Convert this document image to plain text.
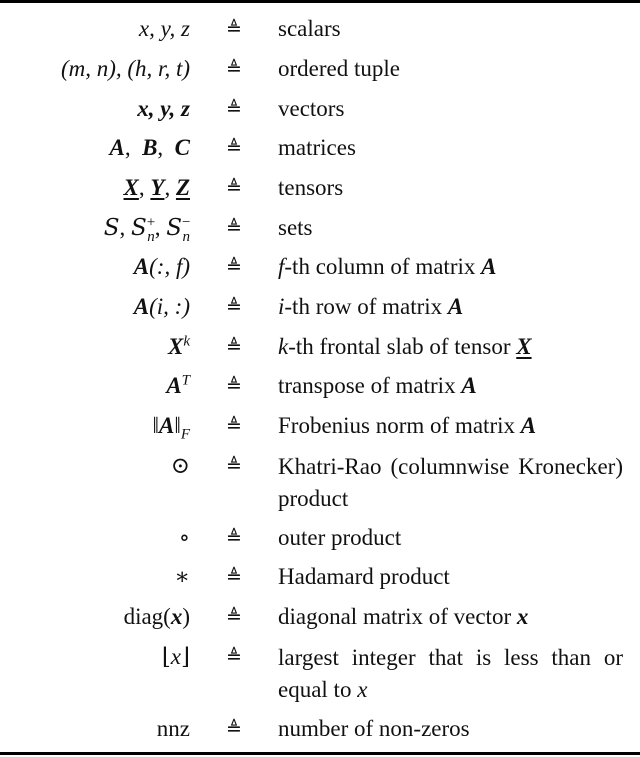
x, y, z ≜ scalars
(m, n), (h, r, t) ≜ ordered tuple
x, y, z ≜ vectors
A,  B,  C ≜ matrices
X, Y, Z ≜ tensors
S, $S^+_n$, $S^-_n$ ≜ sets
A(:, f) ≜ f-th column of matrix A
A(i, :) ≜ i-th row of matrix A
$X^k$ ≜ k-th frontal slab of tensor X
$A^T$ ≜ transpose of matrix A
$‖A‖_F$ ≜ Frobenius norm of matrix A
⊙ ≜ Khatri-Rao (columnwise Kronecker) product
∘ ≜ outer product
∗ ≜ Hadamard product
diag(x) ≜ diagonal matrix of vector x
⌊x⌋ ≜ largest integer that is less than or equal to x
nnz ≜ number of non-zeros
